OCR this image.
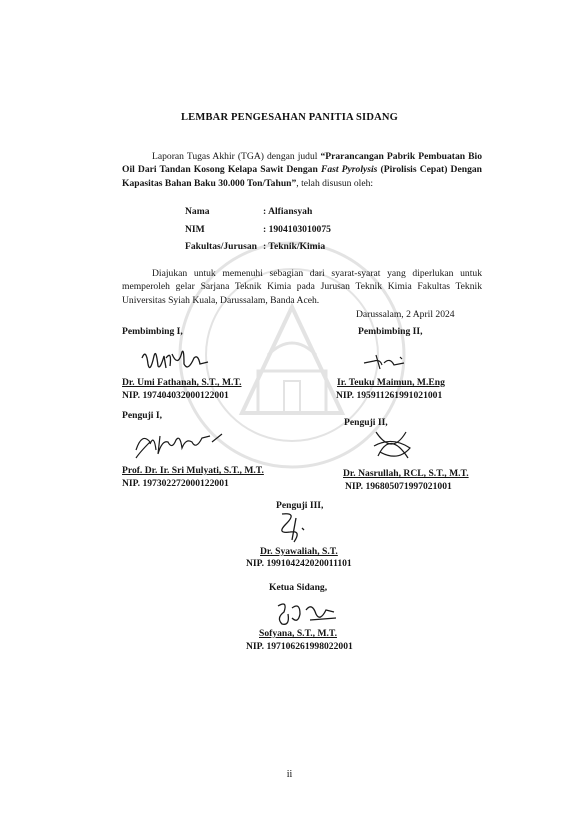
LEMBAR PENGESAHAN PANITIA SIDANG
Laporan Tugas Akhir (TGA) dengan judul “Prarancangan Pabrik Pembuatan Bio Oil Dari Tandan Kosong Kelapa Sawit Dengan Fast Pyrolysis (Pirolisis Cepat) Dengan Kapasitas Bahan Baku 30.000 Ton/Tahun”, telah disusun oleh:
Nama	: Alfiansyah
NIM	: 1904103010075
Fakultas/Jurusan : Teknik/Kimia
Diajukan untuk memenuhi sebagian dari syarat-syarat yang diperlukan untuk memperoleh gelar Sarjana Teknik Kimia pada Jurusan Teknik Kimia Fakultas Teknik Universitas Syiah Kuala, Darussalam, Banda Aceh.
Darussalam, 2 April 2024
Pembimbing I,
Dr. Umi Fathanah, S.T., M.T.
NIP. 197404032000122001
Pembimbing II,
Ir. Teuku Maimun, M.Eng
NIP. 195911261991021001
Penguji I,
Prof. Dr. Ir. Sri Mulyati, S.T., M.T.
NIP. 197302272000122001
Penguji II,
Dr. Nasrullah, RCL, S.T., M.T.
NIP. 196805071997021001
Penguji III,
Dr. Syawaliah, S.T.
NIP. 199104242020011101
Ketua Sidang,
Sofyana, S.T., M.T.
NIP. 197106261998022001
ii
